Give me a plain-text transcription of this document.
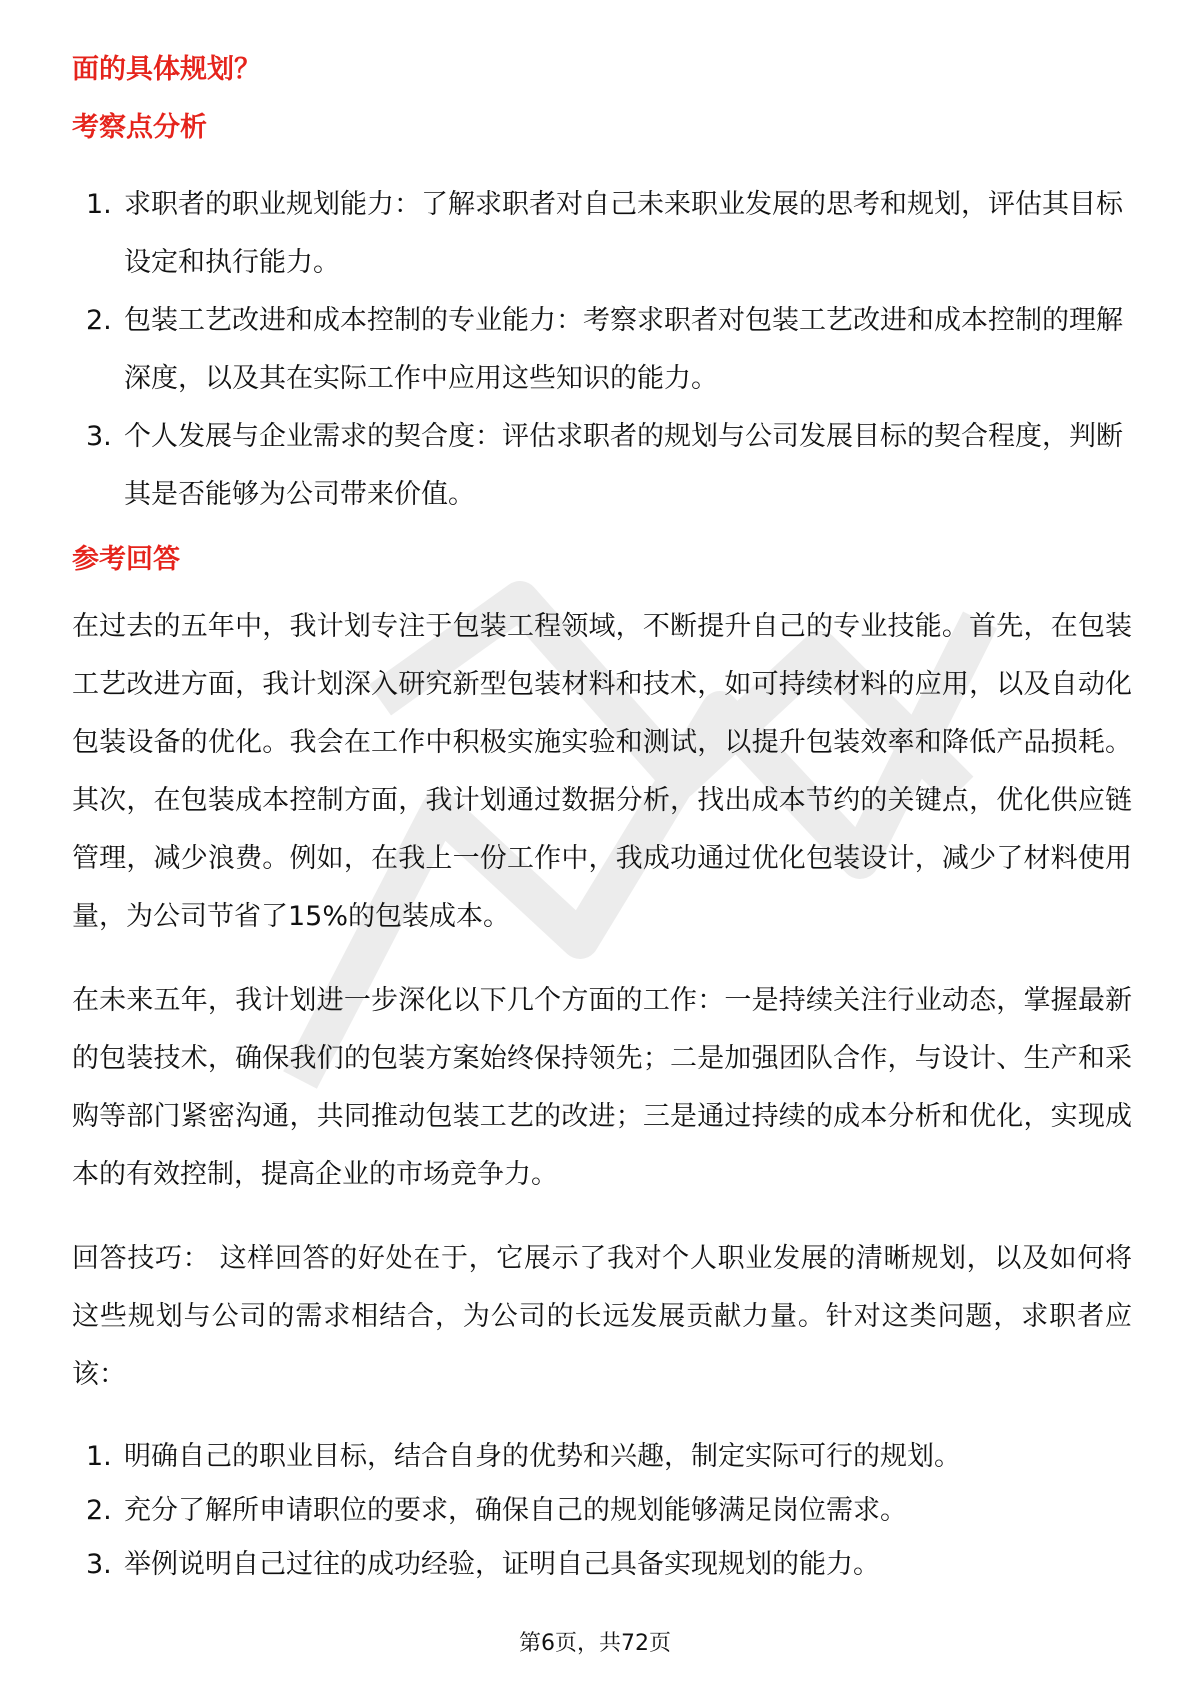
面的具体规划？
考察点分析
1. 求职者的职业规划能力：了解求职者对自己未来职业发展的思考和规划，评估其目标设定和执行能力。
2. 包装工艺改进和成本控制的专业能力：考察求职者对包装工艺改进和成本控制的理解深度，以及其在实际工作中应用这些知识的能力。
3. 个人发展与企业需求的契合度：评估求职者的规划与公司发展目标的契合程度，判断其是否能够为公司带来价值。
参考回答

在过去的五年中，我计划专注于包装工程领域，不断提升自己的专业技能。首先，在包装工艺改进方面，我计划深入研究新型包装材料和技术，如可持续材料的应用，以及自动化包装设备的优化。我会在工作中积极实施实验和测试，以提升包装效率和降低产品损耗。其次，在包装成本控制方面，我计划通过数据分析，找出成本节约的关键点，优化供应链管理，减少浪费。例如，在我上一份工作中，我成功通过优化包装设计，减少了材料使用量，为公司节省了15%的包装成本。

在未来五年，我计划进一步深化以下几个方面的工作：一是持续关注行业动态，掌握最新的包装技术，确保我们的包装方案始终保持领先；二是加强团队合作，与设计、生产和采购等部门紧密沟通，共同推动包装工艺的改进；三是通过持续的成本分析和优化，实现成本的有效控制，提高企业的市场竞争力。

回答技巧： 这样回答的好处在于，它展示了我对个人职业发展的清晰规划，以及如何将这些规划与公司的需求相结合，为公司的长远发展贡献力量。针对这类问题，求职者应该：

1. 明确自己的职业目标，结合自身的优势和兴趣，制定实际可行的规划。
2. 充分了解所申请职位的要求，确保自己的规划能够满足岗位需求。
3. 举例说明自己过往的成功经验，证明自己具备实现规划的能力。
第6页，共72页
